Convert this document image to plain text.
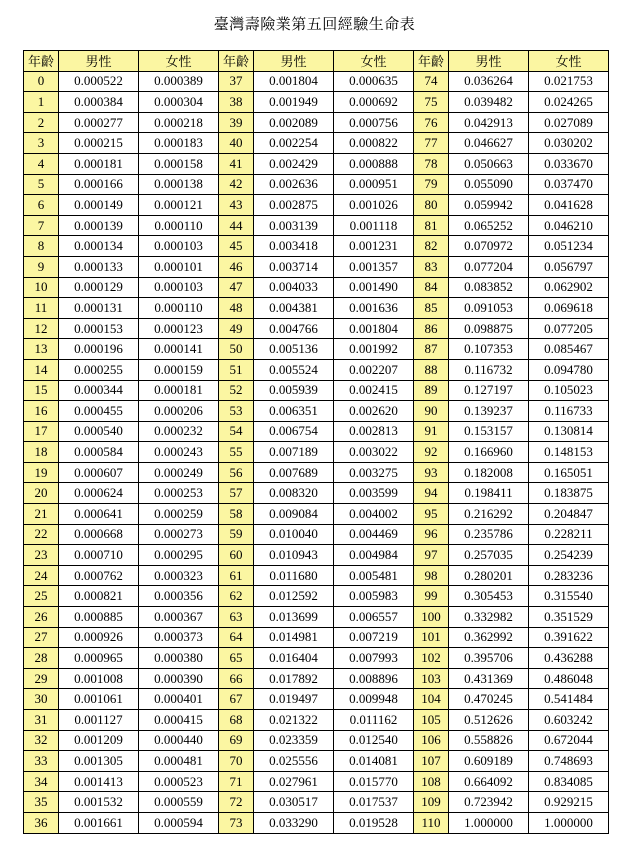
臺灣壽險業第五回經驗生命表
年齡	男性	女性	年齡	男性	女性	年齡	男性	女性
0	0.000522	0.000389	37	0.001804	0.000635	74	0.036264	0.021753
1	0.000384	0.000304	38	0.001949	0.000692	75	0.039482	0.024265
2	0.000277	0.000218	39	0.002089	0.000756	76	0.042913	0.027089
3	0.000215	0.000183	40	0.002254	0.000822	77	0.046627	0.030202
4	0.000181	0.000158	41	0.002429	0.000888	78	0.050663	0.033670
5	0.000166	0.000138	42	0.002636	0.000951	79	0.055090	0.037470
6	0.000149	0.000121	43	0.002875	0.001026	80	0.059942	0.041628
7	0.000139	0.000110	44	0.003139	0.001118	81	0.065252	0.046210
8	0.000134	0.000103	45	0.003418	0.001231	82	0.070972	0.051234
9	0.000133	0.000101	46	0.003714	0.001357	83	0.077204	0.056797
10	0.000129	0.000103	47	0.004033	0.001490	84	0.083852	0.062902
11	0.000131	0.000110	48	0.004381	0.001636	85	0.091053	0.069618
12	0.000153	0.000123	49	0.004766	0.001804	86	0.098875	0.077205
13	0.000196	0.000141	50	0.005136	0.001992	87	0.107353	0.085467
14	0.000255	0.000159	51	0.005524	0.002207	88	0.116732	0.094780
15	0.000344	0.000181	52	0.005939	0.002415	89	0.127197	0.105023
16	0.000455	0.000206	53	0.006351	0.002620	90	0.139237	0.116733
17	0.000540	0.000232	54	0.006754	0.002813	91	0.153157	0.130814
18	0.000584	0.000243	55	0.007189	0.003022	92	0.166960	0.148153
19	0.000607	0.000249	56	0.007689	0.003275	93	0.182008	0.165051
20	0.000624	0.000253	57	0.008320	0.003599	94	0.198411	0.183875
21	0.000641	0.000259	58	0.009084	0.004002	95	0.216292	0.204847
22	0.000668	0.000273	59	0.010040	0.004469	96	0.235786	0.228211
23	0.000710	0.000295	60	0.010943	0.004984	97	0.257035	0.254239
24	0.000762	0.000323	61	0.011680	0.005481	98	0.280201	0.283236
25	0.000821	0.000356	62	0.012592	0.005983	99	0.305453	0.315540
26	0.000885	0.000367	63	0.013699	0.006557	100	0.332982	0.351529
27	0.000926	0.000373	64	0.014981	0.007219	101	0.362992	0.391622
28	0.000965	0.000380	65	0.016404	0.007993	102	0.395706	0.436288
29	0.001008	0.000390	66	0.017892	0.008896	103	0.431369	0.486048
30	0.001061	0.000401	67	0.019497	0.009948	104	0.470245	0.541484
31	0.001127	0.000415	68	0.021322	0.011162	105	0.512626	0.603242
32	0.001209	0.000440	69	0.023359	0.012540	106	0.558826	0.672044
33	0.001305	0.000481	70	0.025556	0.014081	107	0.609189	0.748693
34	0.001413	0.000523	71	0.027961	0.015770	108	0.664092	0.834085
35	0.001532	0.000559	72	0.030517	0.017537	109	0.723942	0.929215
36	0.001661	0.000594	73	0.033290	0.019528	110	1.000000	1.000000
